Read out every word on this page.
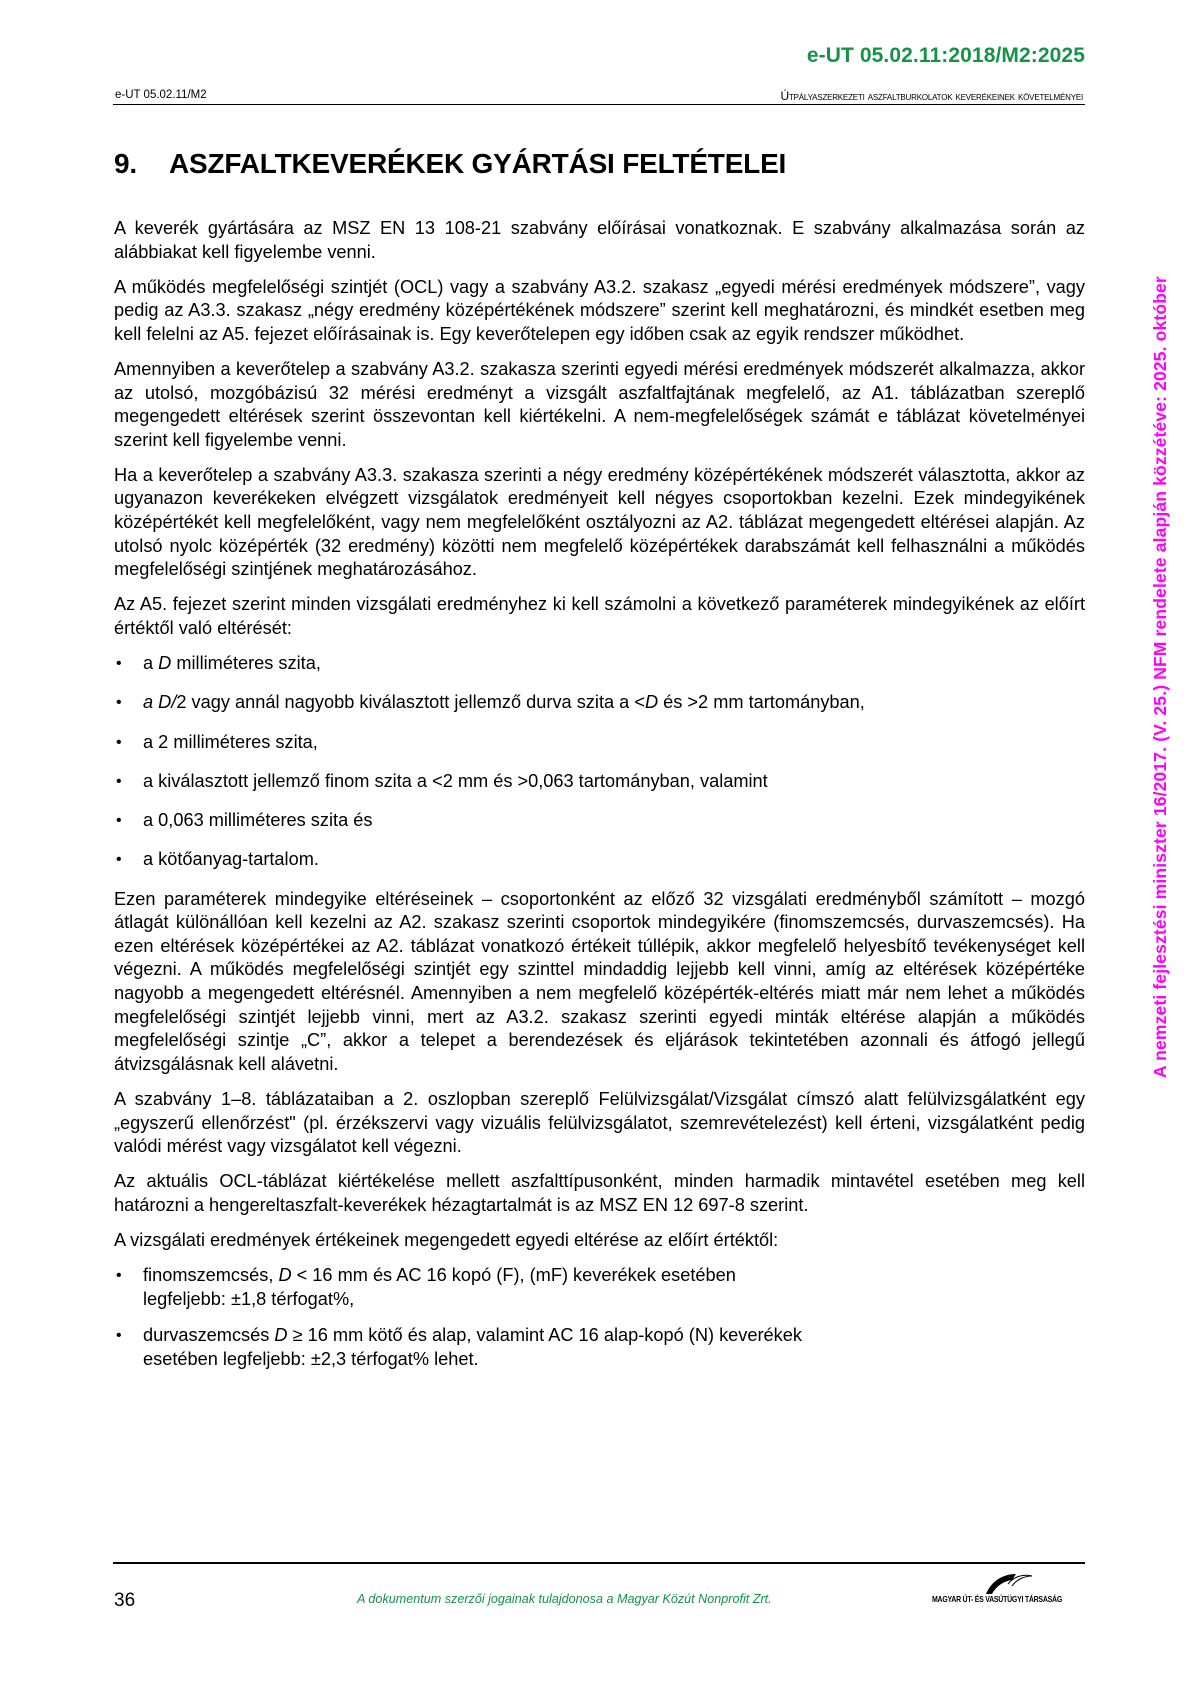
e-UT 05.02.11:2018/M2:2025
e-UT 05.02.11/M2	Útpályaszerkezeti aszfaltburkolatok keverékeinek követelményei
9. ASZFALTKEVERÉKEK GYÁRTÁSI FELTÉTELEI

A keverék gyártására az MSZ EN 13 108-21 szabvány előírásai vonatkoznak. E szabvány alkalmazása során az alábbiakat kell figyelembe venni.

A működés megfelelőségi szintjét (OCL) vagy a szabvány A3.2. szakasz „egyedi mérési eredmények módszere”, vagy pedig az A3.3. szakasz „négy eredmény középértékének módszere” szerint kell meghatározni, és mindkét esetben meg kell felelni az A5. fejezet előírásainak is. Egy keverőtelepen egy időben csak az egyik rendszer működhet.

Amennyiben a keverőtelep a szabvány A3.2. szakasza szerinti egyedi mérési eredmények módszerét alkalmazza, akkor az utolsó, mozgóbázisú 32 mérési eredményt a vizsgált aszfaltfajtának megfelelő, az A1. táblázatban szereplő megengedett eltérések szerint összevontan kell kiértékelni. A nem-megfelelőségek számát e táblázat követelményei szerint kell figyelembe venni.

Ha a keverőtelep a szabvány A3.3. szakasza szerinti a négy eredmény középértékének módszerét választotta, akkor az ugyanazon keverékeken elvégzett vizsgálatok eredményeit kell négyes csoportokban kezelni. Ezek mindegyikének középértékét kell megfelelőként, vagy nem megfelelőként osztályozni az A2. táblázat megengedett eltérései alapján. Az utolsó nyolc középérték (32 eredmény) közötti nem megfelelő középértékek darabszámát kell felhasználni a működés megfelelőségi szintjének meghatározásához.

Az A5. fejezet szerint minden vizsgálati eredményhez ki kell számolni a következő paraméterek mindegyikének az előírt értéktől való eltérését:

• a D milliméteres szita,
• a D/2 vagy annál nagyobb kiválasztott jellemző durva szita a <D és >2 mm tartományban,
• a 2 milliméteres szita,
• a kiválasztott jellemző finom szita a <2 mm és >0,063 tartományban, valamint
• a 0,063 milliméteres szita és
• a kötőanyag-tartalom.

Ezen paraméterek mindegyike eltéréseinek – csoportonként az előző 32 vizsgálati eredményből számított – mozgó átlagát különállóan kell kezelni az A2. szakasz szerinti csoportok mindegyikére (finomszemcsés, durvaszemcsés). Ha ezen eltérések középértékei az A2. táblázat vonatkozó értékeit túllépik, akkor megfelelő helyesbítő tevékenységet kell végezni. A működés megfelelőségi szintjét egy szinttel mindaddig lejjebb kell vinni, amíg az eltérések középértéke nagyobb a megengedett eltérésnél. Amennyiben a nem megfelelő középérték-eltérés miatt már nem lehet a működés megfelelőségi szintjét lejjebb vinni, mert az A3.2. szakasz szerinti egyedi minták eltérése alapján a működés megfelelőségi szintje „C”, akkor a telepet a berendezések és eljárások tekintetében azonnali és átfogó jellegű átvizsgálásnak kell alávetni.

A szabvány 1–8. táblázataiban a 2. oszlopban szereplő Felülvizsgálat/Vizsgálat címszó alatt felülvizsgálatként egy „egyszerű ellenőrzést" (pl. érzékszervi vagy vizuális felülvizsgálatot, szemrevételezést) kell érteni, vizsgálatként pedig valódi mérést vagy vizsgálatot kell végezni.

Az aktuális OCL-táblázat kiértékelése mellett aszfalttípusonként, minden harmadik mintavétel esetében meg kell határozni a hengereltaszfalt-keverékek hézagtartalmát is az MSZ EN 12 697-8 szerint.

A vizsgálati eredmények értékeinek megengedett egyedi eltérése az előírt értéktől:

• finomszemcsés, D < 16 mm és AC 16 kopó (F), (mF) keverékek esetében
legfeljebb: ±1,8 térfogat%,
• durvaszemcsés D ≥ 16 mm kötő és alap, valamint AC 16 alap-kopó (N) keverékek
esetében legfeljebb: ±2,3 térfogat% lehet.
A nemzeti fejlesztési miniszter 16/2017. (V. 25.) NFM rendelete alapján közzétéve: 2025. október
36	A dokumentum szerzői jogainak tulajdonosa a Magyar Közút Nonprofit Zrt.	MAGYAR ÚT- ÉS VASÚTÜGYI TÁRSASÁG
